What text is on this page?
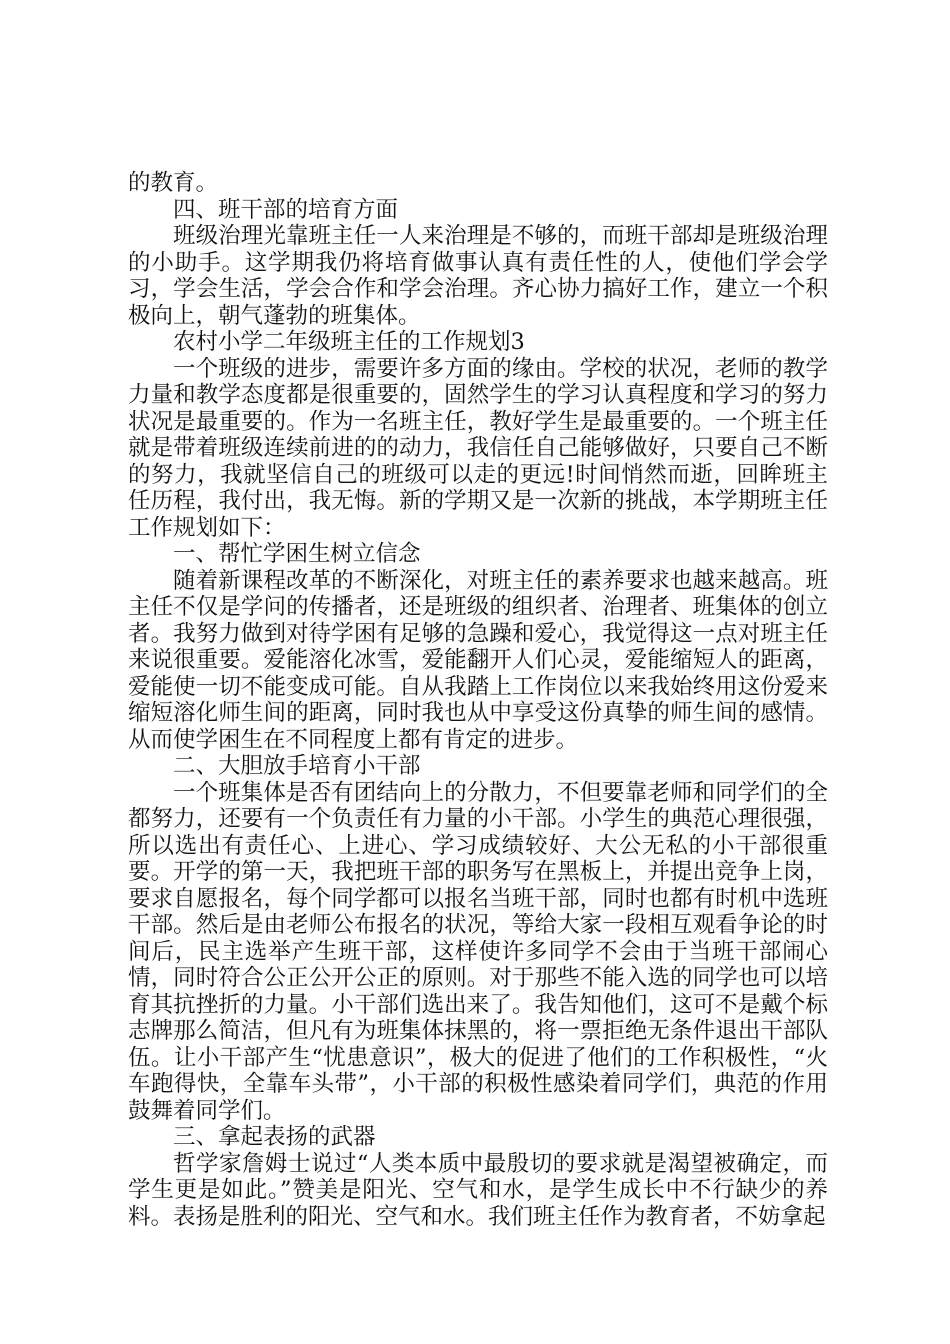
的教育。

四、班干部的培育方面

班级治理光靠班主任一人来治理是不够的，而班干部却是班级治理的小助手。这学期我仍将培育做事认真有责任性的人，使他们学会学习，学会生活，学会合作和学会治理。齐心协力搞好工作，建立一个积极向上，朝气蓬勃的班集体。

农村小学二年级班主任的工作规划3

一个班级的进步，需要许多方面的缘由。学校的状况，老师的教学力量和教学态度都是很重要的，固然学生的学习认真程度和学习的努力状况是最重要的。作为一名班主任，教好学生是最重要的。一个班主任就是带着班级连续前进的的动力，我信任自己能够做好，只要自己不断的努力，我就坚信自己的班级可以走的更远!时间悄然而逝，回眸班主任历程，我付出，我无悔。新的学期又是一次新的挑战，本学期班主任工作规划如下：

一、帮忙学困生树立信念

随着新课程改革的不断深化，对班主任的素养要求也越来越高。班主任不仅是学问的传播者，还是班级的组织者、治理者、班集体的创立者。我努力做到对待学困有足够的急躁和爱心，我觉得这一点对班主任来说很重要。爱能溶化冰雪，爱能翻开人们心灵，爱能缩短人的距离，爱能使一切不能变成可能。自从我踏上工作岗位以来我始终用这份爱来缩短溶化师生间的距离，同时我也从中享受这份真挚的师生间的感情。从而使学困生在不同程度上都有肯定的进步。

二、大胆放手培育小干部

一个班集体是否有团结向上的分散力，不但要靠老师和同学们的全都努力，还要有一个负责任有力量的小干部。小学生的典范心理很强，所以选出有责任心、上进心、学习成绩较好、大公无私的小干部很重要。开学的第一天，我把班干部的职务写在黑板上，并提出竞争上岗，要求自愿报名，每个同学都可以报名当班干部，同时也都有时机中选班干部。然后是由老师公布报名的状况，等给大家一段相互观看争论的时间后，民主选举产生班干部，这样使许多同学不会由于当班干部闹心情，同时符合公正公开公正的原则。对于那些不能入选的同学也可以培育其抗挫折的力量。小干部们选出来了。我告知他们，这可不是戴个标志牌那么简洁，但凡有为班集体抹黑的，将一票拒绝无条件退出干部队伍。让小干部产生“忧患意识”，极大的促进了他们的工作积极性，“火车跑得快，全靠车头带”，小干部的积极性感染着同学们，典范的作用鼓舞着同学们。

三、拿起表扬的武器

哲学家詹姆士说过“人类本质中最殷切的要求就是渴望被确定，而学生更是如此。”赞美是阳光、空气和水，是学生成长中不行缺少的养料。表扬是胜利的阳光、空气和水。我们班主任作为教育者，不妨拿起
